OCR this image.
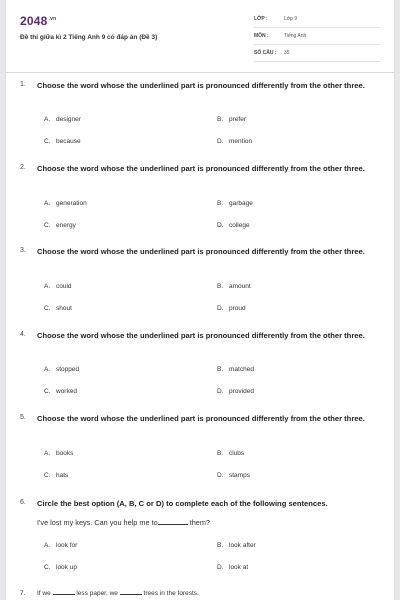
$2048^{.vn}$
Đề thi giữa kì 2 Tiếng Anh 9 có đáp án (Đề 3)
LỚP :	Lớp 9
MÔN :	Tiếng Anh
SỐ CÂU : 35
1. Choose the word whose the underlined part is pronounced differently from the other three.
A. designer	B. prefer
C. because	D. mention
2. Choose the word whose the underlined part is pronounced differently from the other three.
A. generation	B. garbage
C. energy	D. college
3. Choose the word whose the underlined part is pronounced differently from the other three.
A. could	B. amount
C. shout	D. proud
4. Choose the word whose the underlined part is pronounced differently from the other three.
A. stopped	B. matched
C. worked	D. provided
5. Choose the word whose the underlined part is pronounced differently from the other three.
A. books	B. clubs
C. hats	D. stamps
6. Circle the best option (A, B, C or D) to complete each of the following sentences.
I've lost my keys. Can you help me to	them?
A. look for	B. look after
C. look up	D. look at
7. If we	less paper, we	trees in the forests.
